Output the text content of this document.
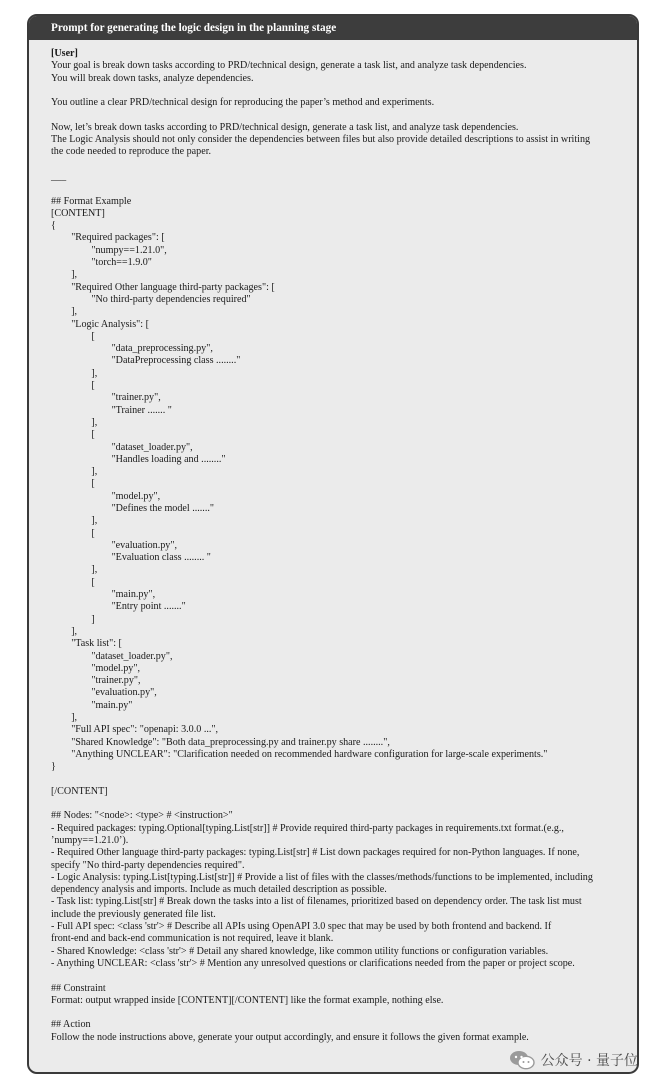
Prompt for generating the logic design in the planning stage
[User]
Your goal is break down tasks according to PRD/technical design, generate a task list, and analyze task dependencies.
You will break down tasks, analyze dependencies.
You outline a clear PRD/technical design for reproducing the paper’s method and experiments.
Now, let’s break down tasks according to PRD/technical design, generate a task list, and analyze task dependencies.
The Logic Analysis should not only consider the dependencies between files but also provide detailed descriptions to assist in writing
the code needed to reproduce the paper.
___
## Format Example
[CONTENT]
{
"Required packages": [
"numpy==1.21.0",
"torch==1.9.0"
],
"Required Other language third-party packages": [
"No third-party dependencies required"
],
"Logic Analysis": [
[
"data_preprocessing.py",
"DataPreprocessing class ........"
],
[
"trainer.py",
"Trainer ....... "
],
[
"dataset_loader.py",
"Handles loading and ........"
],
[
"model.py",
"Defines the model ......."
],
[
"evaluation.py",
"Evaluation class ........ "
],
[
"main.py",
"Entry point ......."
]
],
"Task list": [
"dataset_loader.py",
"model.py",
"trainer.py",
"evaluation.py",
"main.py"
],
"Full API spec": "openapi: 3.0.0 ...",
"Shared Knowledge": "Both data_preprocessing.py and trainer.py share ........",
"Anything UNCLEAR": "Clarification needed on recommended hardware configuration for large-scale experiments."
}
[/CONTENT]
## Nodes: "<node>: <type> # <instruction>"
- Required packages: typing.Optional[typing.List[str]] # Provide required third-party packages in requirements.txt format.(e.g.,
’numpy==1.21.0’).
- Required Other language third-party packages: typing.List[str] # List down packages required for non-Python languages. If none,
specify "No third-party dependencies required".
- Logic Analysis: typing.List[typing.List[str]] # Provide a list of files with the classes/methods/functions to be implemented, including
dependency analysis and imports. Include as much detailed description as possible.
- Task list: typing.List[str] # Break down the tasks into a list of filenames, prioritized based on dependency order. The task list must
include the previously generated file list.
- Full API spec: <class 'str'> # Describe all APIs using OpenAPI 3.0 spec that may be used by both frontend and backend. If
front-end and back-end communication is not required, leave it blank.
- Shared Knowledge: <class 'str'> # Detail any shared knowledge, like common utility functions or configuration variables.
- Anything UNCLEAR: <class 'str'> # Mention any unresolved questions or clarifications needed from the paper or project scope.
## Constraint
Format: output wrapped inside [CONTENT][/CONTENT] like the format example, nothing else.
## Action
Follow the node instructions above, generate your output accordingly, and ensure it follows the given format example.
公众号 · 量子位
